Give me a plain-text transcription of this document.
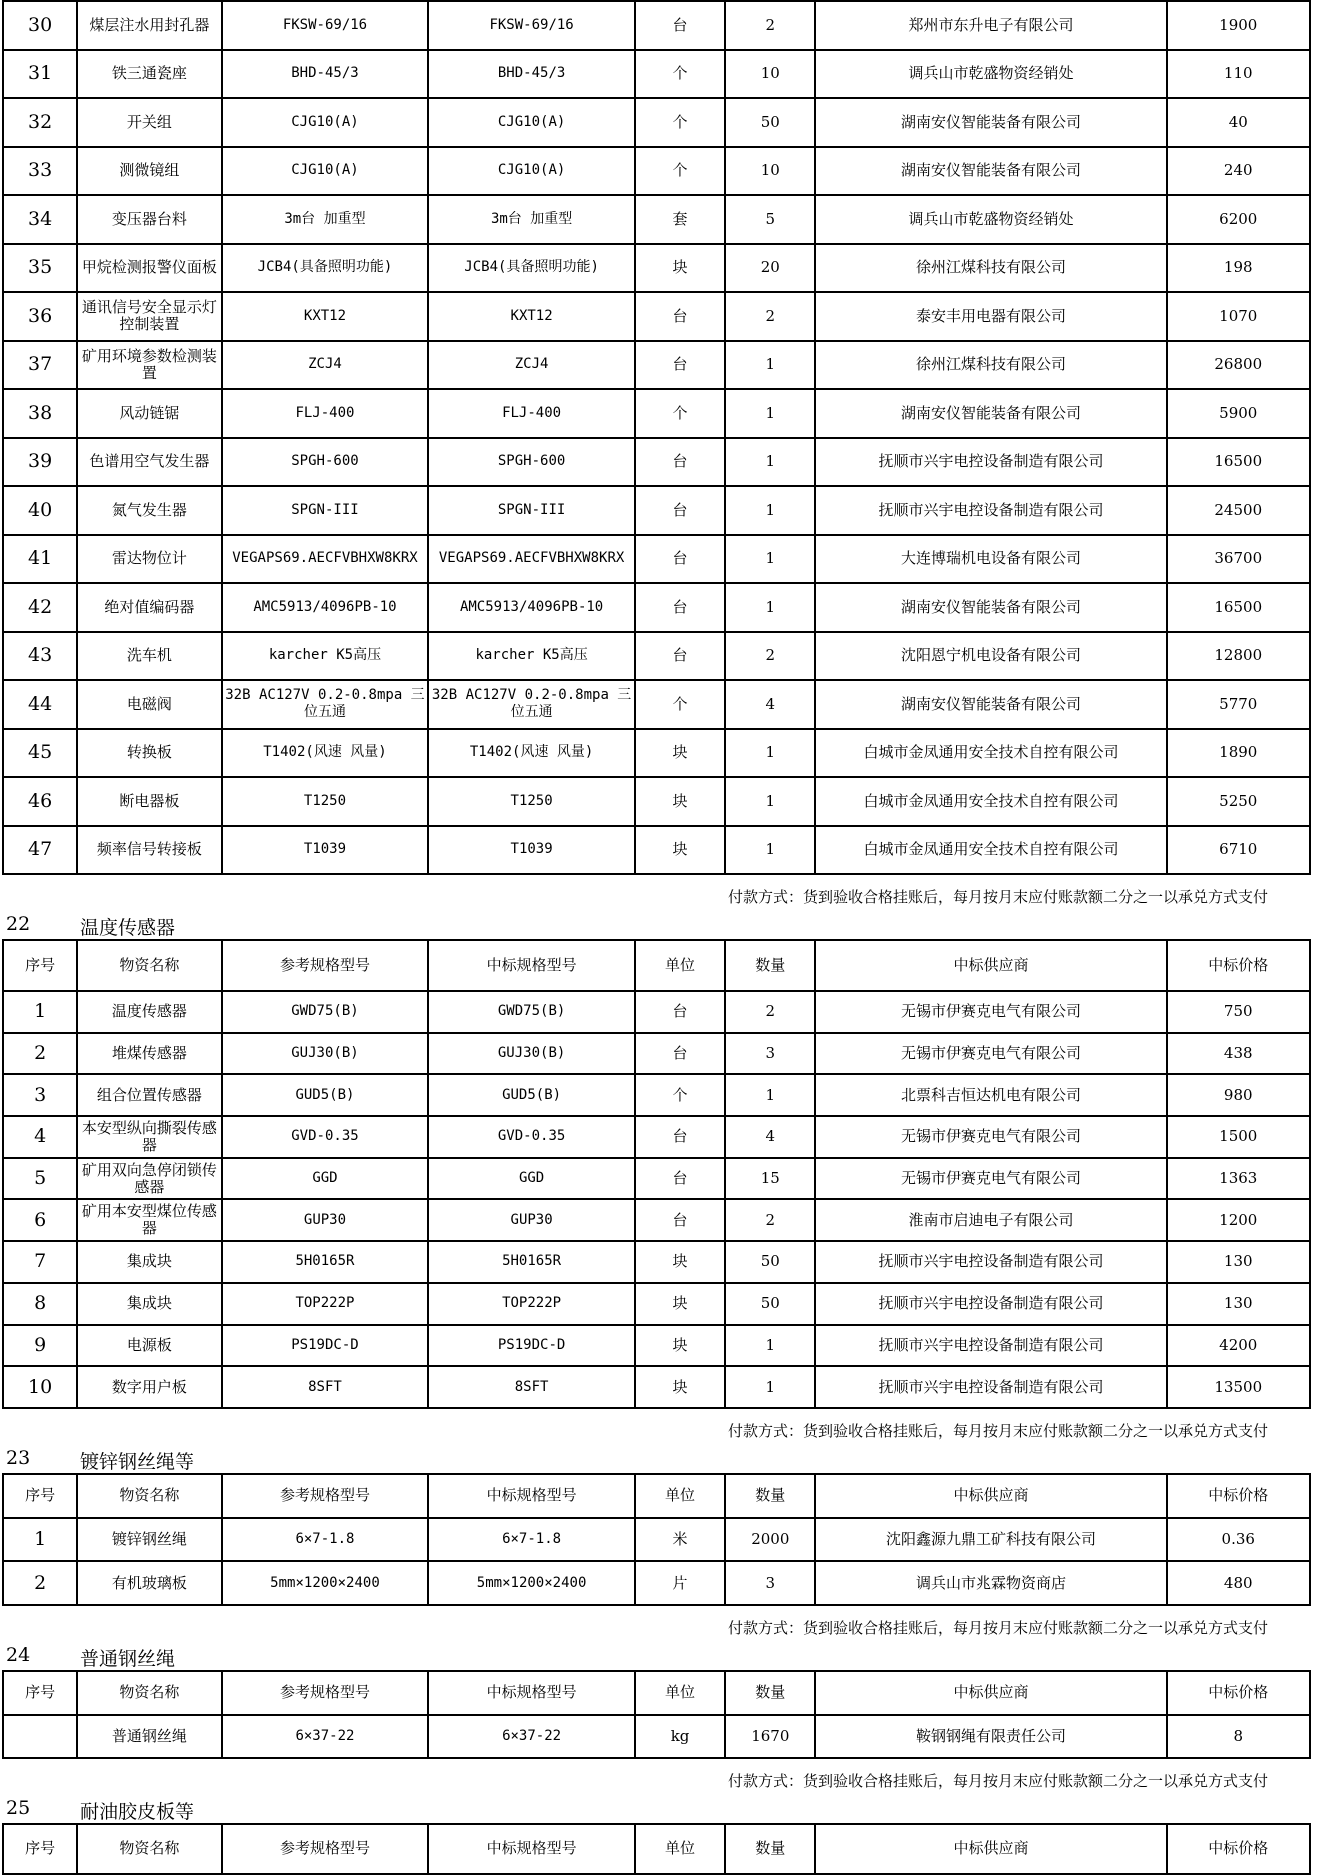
30	煤层注水用封孔器	FKSW-69/16	FKSW-69/16	台	2	郑州市东升电子有限公司	1900
31	铁三通瓷座	BHD-45/3	BHD-45/3	个	10	调兵山市乾盛物资经销处	110
32	开关组	CJG10(A)	CJG10(A)	个	50	湖南安仪智能装备有限公司	40
33	测微镜组	CJG10(A)	CJG10(A)	个	10	湖南安仪智能装备有限公司	240
34	变压器台料	3m台 加重型	3m台 加重型	套	5	调兵山市乾盛物资经销处	6200
35	甲烷检测报警仪面板	JCB4(具备照明功能)	JCB4(具备照明功能)	块	20	徐州江煤科技有限公司	198
36	通讯信号安全显示灯控制装置	KXT12	KXT12	台	2	泰安丰用电器有限公司	1070
37	矿用环境参数检测装置	ZCJ4	ZCJ4	台	1	徐州江煤科技有限公司	26800
38	风动链锯	FLJ-400	FLJ-400	个	1	湖南安仪智能装备有限公司	5900
39	色谱用空气发生器	SPGH-600	SPGH-600	台	1	抚顺市兴宇电控设备制造有限公司	16500
40	氮气发生器	SPGN-III	SPGN-III	台	1	抚顺市兴宇电控设备制造有限公司	24500
41	雷达物位计	VEGAPS69.AECFVBHXW8KRX	VEGAPS69.AECFVBHXW8KRX	台	1	大连博瑞机电设备有限公司	36700
42	绝对值编码器	AMC5913/4096PB-10	AMC5913/4096PB-10	台	1	湖南安仪智能装备有限公司	16500
43	洗车机	karcher K5高压	karcher K5高压	台	2	沈阳恩宁机电设备有限公司	12800
44	电磁阀	32B AC127V 0.2-0.8mpa 三位五通	32B AC127V 0.2-0.8mpa 三位五通	个	4	湖南安仪智能装备有限公司	5770
45	转换板	T1402(风速 风量)	T1402(风速 风量)	块	1	白城市金凤通用安全技术自控有限公司	1890
46	断电器板	T1250	T1250	块	1	白城市金凤通用安全技术自控有限公司	5250
47	频率信号转接板	T1039	T1039	块	1	白城市金凤通用安全技术自控有限公司	6710
22	温度传感器
付款方式：货到验收合格挂账后，每月按月末应付账款额二分之一以承兑方式支付
序号	物资名称	参考规格型号	中标规格型号	单位	数量	中标供应商	中标价格
1	温度传感器	GWD75(B)	GWD75(B)	台	2	无锡市伊赛克电气有限公司	750
2	堆煤传感器	GUJ30(B)	GUJ30(B)	台	3	无锡市伊赛克电气有限公司	438
3	组合位置传感器	GUD5(B)	GUD5(B)	个	1	北票科吉恒达机电有限公司	980
4	本安型纵向撕裂传感器	GVD-0.35	GVD-0.35	台	4	无锡市伊赛克电气有限公司	1500
5	矿用双向急停闭锁传感器	GGD	GGD	台	15	无锡市伊赛克电气有限公司	1363
6	矿用本安型煤位传感器	GUP30	GUP30	台	2	淮南市启迪电子有限公司	1200
7	集成块	5H0165R	5H0165R	块	50	抚顺市兴宇电控设备制造有限公司	130
8	集成块	TOP222P	TOP222P	块	50	抚顺市兴宇电控设备制造有限公司	130
9	电源板	PS19DC-D	PS19DC-D	块	1	抚顺市兴宇电控设备制造有限公司	4200
10	数字用户板	8SFT	8SFT	块	1	抚顺市兴宇电控设备制造有限公司	13500
23	镀锌钢丝绳等
付款方式：货到验收合格挂账后，每月按月末应付账款额二分之一以承兑方式支付
序号	物资名称	参考规格型号	中标规格型号	单位	数量	中标供应商	中标价格
1	镀锌钢丝绳	6×7-1.8	6×7-1.8	米	2000	沈阳鑫源九鼎工矿科技有限公司	0.36
2	有机玻璃板	5mm×1200×2400	5mm×1200×2400	片	3	调兵山市兆霖物资商店	480
24	普通钢丝绳
付款方式：货到验收合格挂账后，每月按月末应付账款额二分之一以承兑方式支付
序号	物资名称	参考规格型号	中标规格型号	单位	数量	中标供应商	中标价格
	普通钢丝绳	6×37-22	6×37-22	kg	1670	鞍钢钢绳有限责任公司	8
25	耐油胶皮板等
付款方式：货到验收合格挂账后，每月按月末应付账款额二分之一以承兑方式支付
序号	物资名称	参考规格型号	中标规格型号	单位	数量	中标供应商	中标价格
